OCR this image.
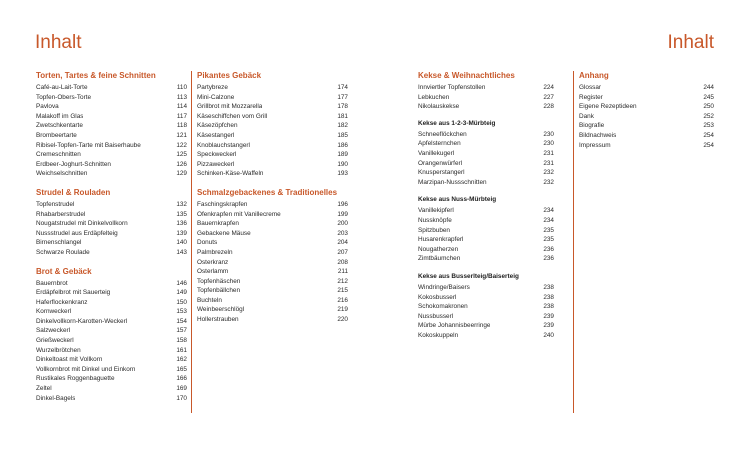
Inhalt	Inhalt
Torten, Tartes & feine Schnitten
Café-au-Lait-Torte	110
Topfen-Obers-Torte	113
Pavlova	114
Malakoff im Glas	117
Zwetschkentarte	118
Brombeertarte	121
Ribisel-Topfen-Tarte mit Baiserhaube	122
Cremeschnitten	125
Erdbeer-Joghurt-Schnitten	126
Weichselschnitten	129
Strudel & Rouladen
Topfenstrudel	132
Rhabarberstrudel	135
Nougatstrudel mit Dinkelvollkorn	136
Nussstrudel aus Erdäpfelteig	139
Birnenschlangel	140
Schwarze Roulade	143
Brot & Gebäck
Bauernbrot	146
Erdäpfelbrot mit Sauerteig	149
Haferflockenkranz	150
Kornweckerl	153
Dinkelvollkorn-Karotten-Weckerl	154
Salzweckerl	157
Grießweckerl	158
Wurzelbrötchen	161
Dinkeltoast mit Vollkorn	162
Vollkornbrot mit Dinkel und Einkorn	165
Rustikales Roggenbaguette	166
Zeltel	169
Dinkel-Bagels	170
Pikantes Gebäck
Partybreze	174
Mini-Calzone	177
Grillbrot mit Mozzarella	178
Käseschiffchen vom Grill	181
Käsezöpfchen	182
Käsestangerl	185
Knoblauchstangerl	186
Speckweckerl	189
Pizzaweckerl	190
Schinken-Käse-Waffeln	193
Schmalzgebackenes & Traditionelles
Faschingskrapfen	196
Ofenkrapfen mit Vanillecreme	199
Bauernkrapfen	200
Gebackene Mäuse	203
Donuts	204
Palmbrezeln	207
Osterkranz	208
Osterlamm	211
Topfenhäschen	212
Topfenbällchen	215
Buchteln	216
Weinbeerschlögl	219
Hollerstrauben	220
Kekse & Weihnachtliches
Innviertler Topfenstollen	224
Lebkuchen	227
Nikolauskekse	228
Kekse aus 1-2-3-Mürbteig
Schneeflöckchen	230
Apfelsternchen	230
Vanillekugerl	231
Orangenwürferl	231
Knusperstangerl	232
Marzipan-Nussschnitten	232
Kekse aus Nuss-Mürbteig
Vanillekipferl	234
Nussknöpfe	234
Spitzbuben	235
Husarenkrapferl	235
Nougatherzen	236
Zimtbäumchen	236
Kekse aus Busserlteig/Baiserteig
Windringe/Baisers	238
Kokosbusserl	238
Schokomakronen	238
Nussbusserl	239
Mürbe Johannisbeerringe	239
Kokoskuppeln	240
Anhang
Glossar	244
Register	245
Eigene Rezeptideen	250
Dank	252
Biografie	253
Bildnachweis	254
Impressum	254
